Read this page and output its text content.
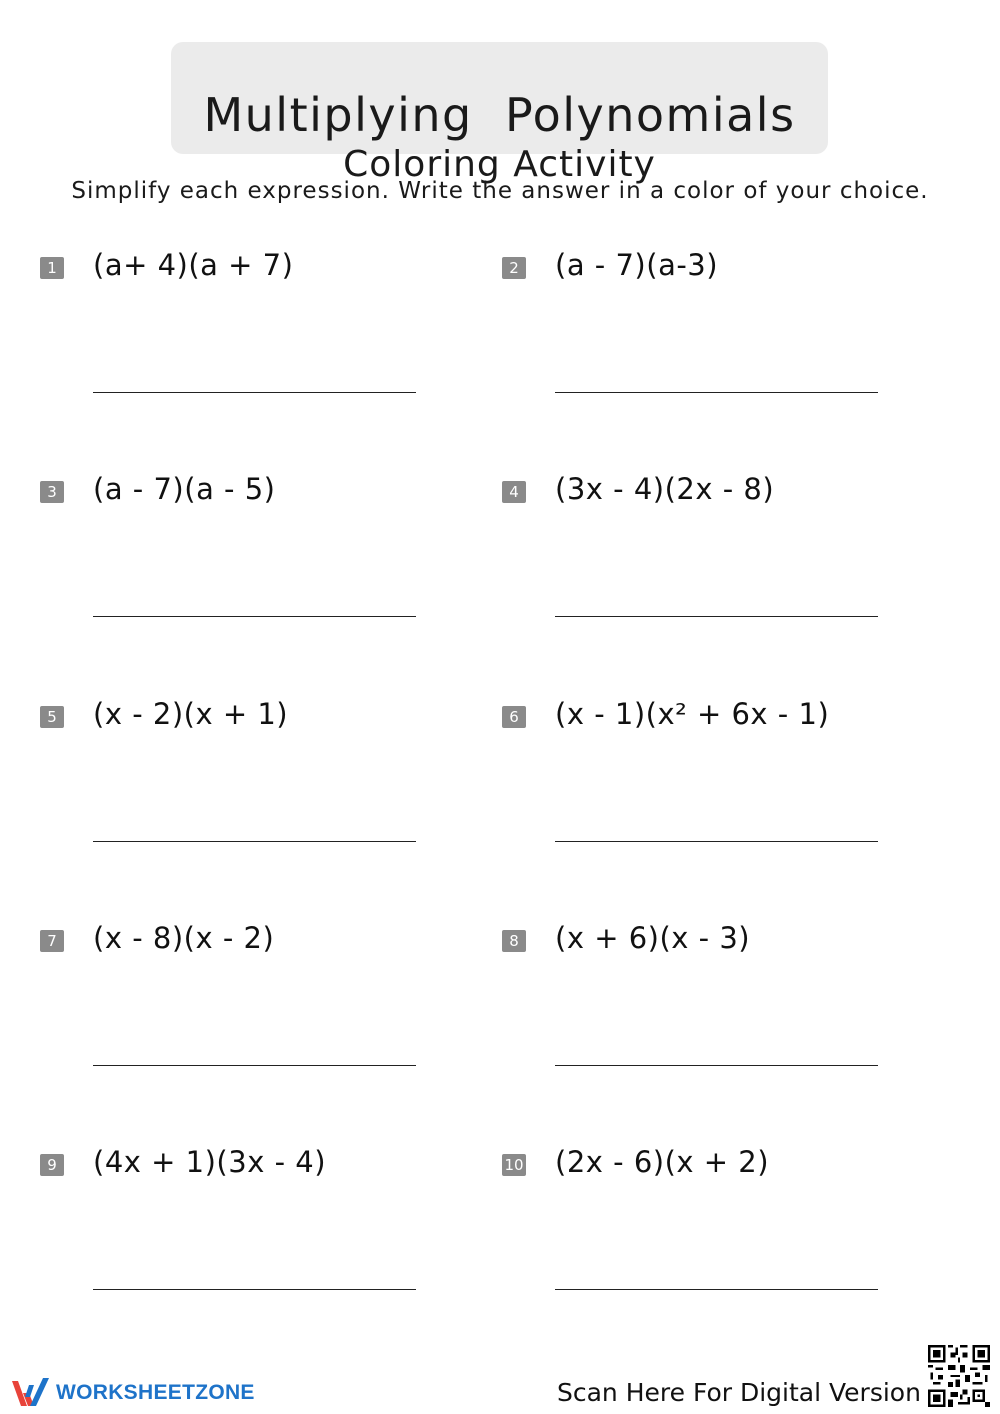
Multiplying  Polynomials
Coloring Activity
Simplify each expression. Write the answer in a color of your choice.
1 (a+ 4)(a + 7)	2 (a - 7)(a-3)
3 (a - 7)(a - 5)	4 (3x - 4)(2x - 8)
5 (x - 2)(x + 1)	6 (x - 1)(x² + 6x - 1)
7 (x - 8)(x - 2)	8 (x + 6)(x - 3)
9 (4x + 1)(3x - 4)	10 (2x - 6)(x + 2)
WORKSHEETZONE	Scan Here For Digital Version
